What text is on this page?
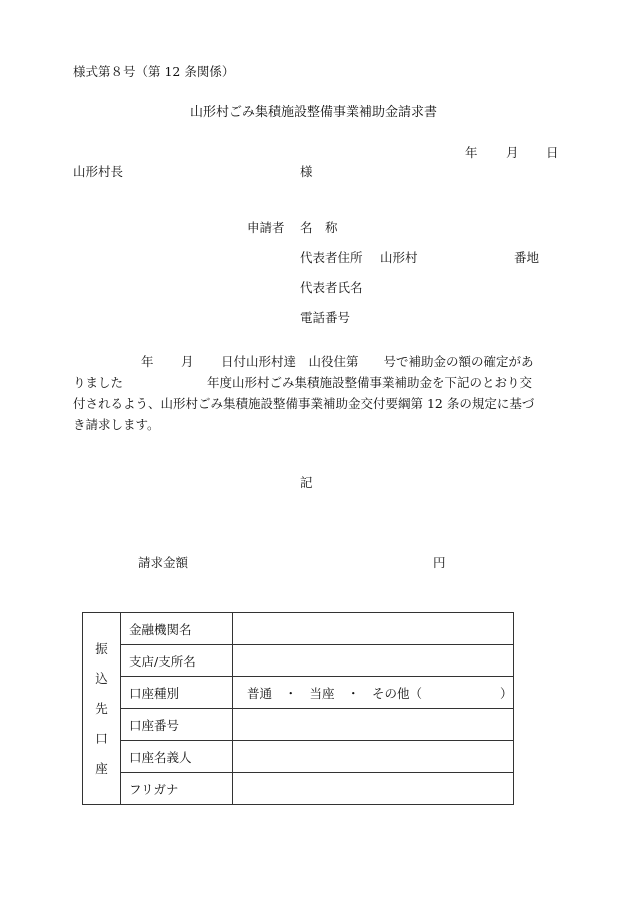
様式第８号（第 12 条関係）
山形村ごみ集積施設整備事業補助金請求書
年 月 日
山形村長	様
申請者 名　称
代表者住所 山形村	番地
代表者氏名
電話番号
年 月 日付山形村達　山役住第　　号で補助金の額の確定があ
りました	年度山形村ごみ集積施設整備事業補助金を下記のとおり交
付されるよう、山形村ごみ集積施設整備事業補助金交付要綱第 12 条の規定に基づ
き請求します。
記
請求金額	円
振
込
先
口
座	金融機関名	
	支店/支所名	
	口座種別	普通　・　当座　・　その他（ ）

	口座番号	
	口座名義人	
	フリガナ	
